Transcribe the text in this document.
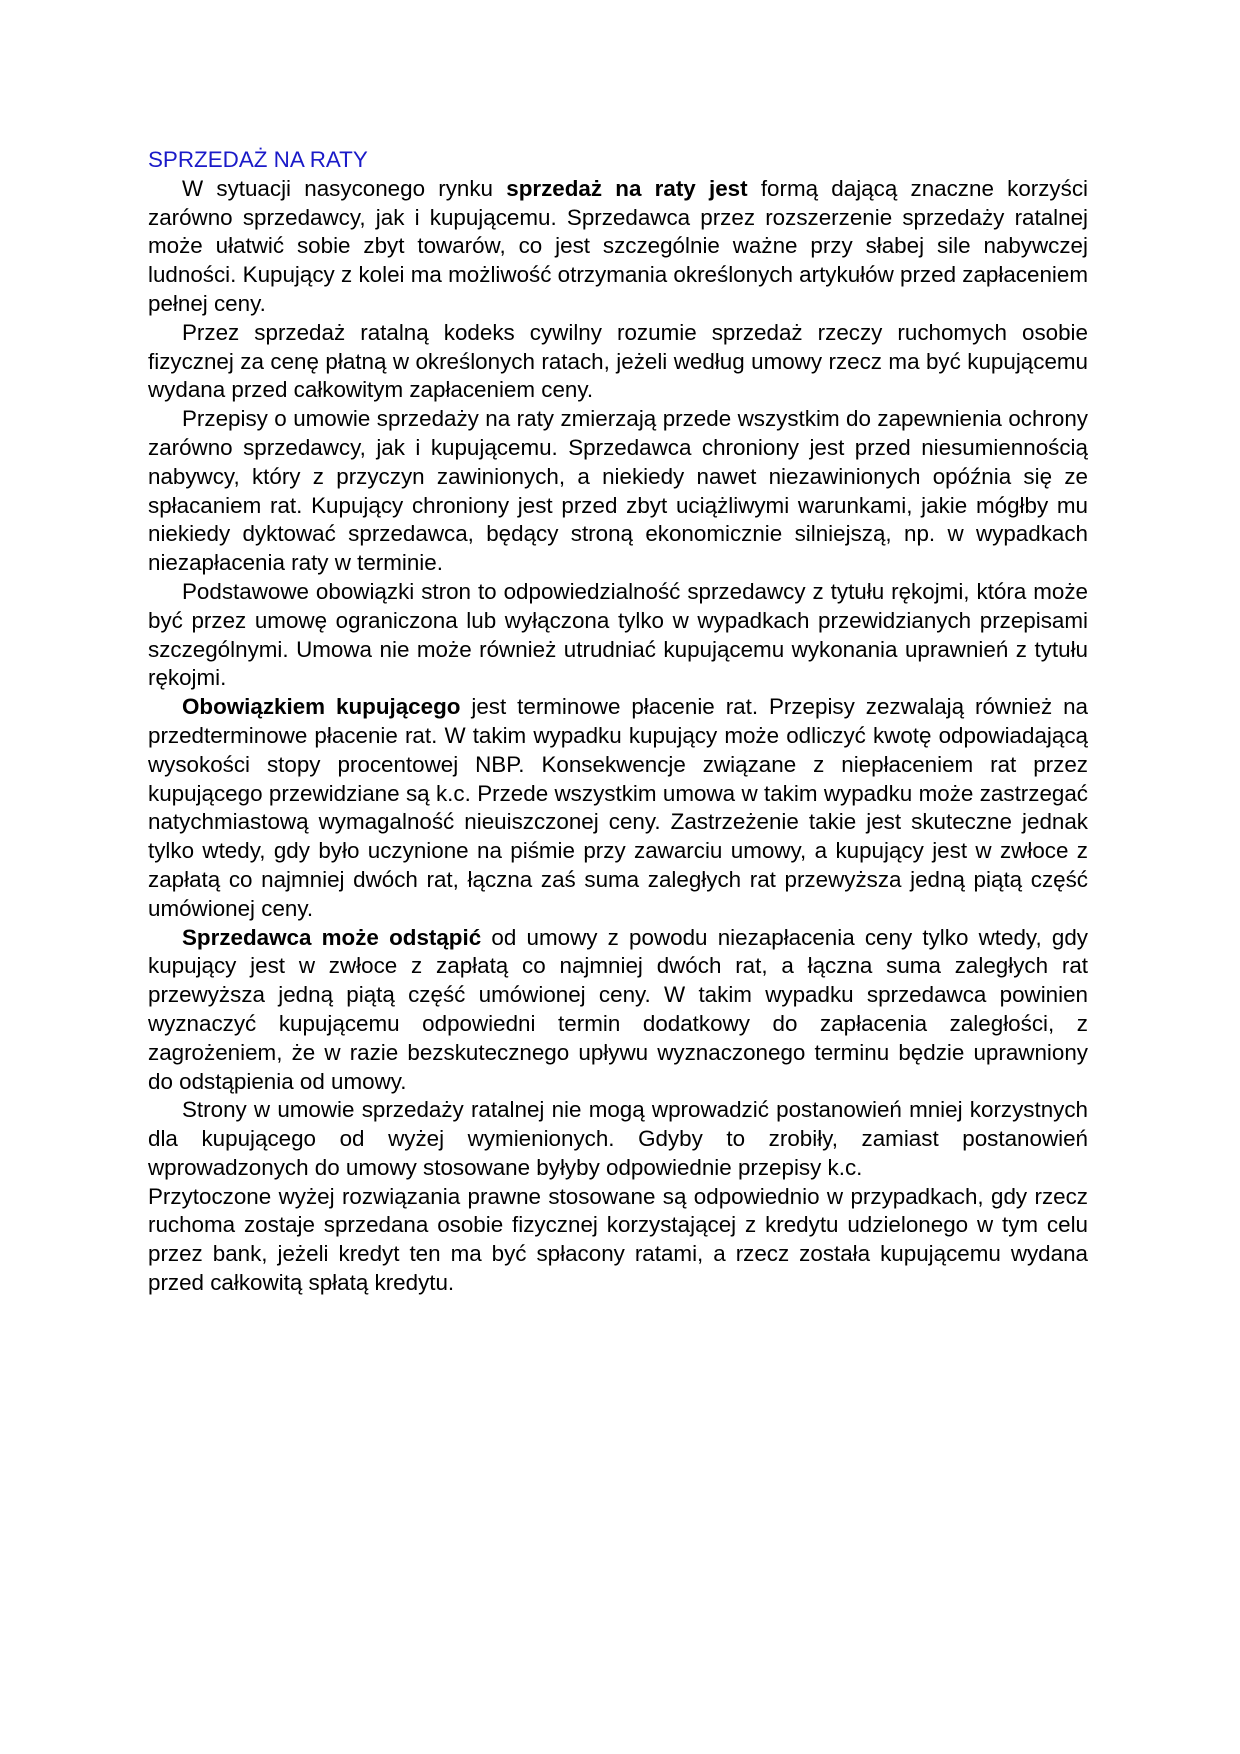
SPRZEDAŻ NA RATY

W sytuacji nasyconego rynku sprzedaż na raty jest formą dającą znaczne korzyści zarówno sprzedawcy, jak i kupującemu. Sprzedawca przez rozszerzenie sprzedaży ratalnej może ułatwić sobie zbyt towarów, co jest szczególnie ważne przy słabej sile nabywczej ludności. Kupujący z kolei ma możliwość otrzymania określonych artykułów przed zapłaceniem pełnej ceny.

Przez sprzedaż ratalną kodeks cywilny rozumie sprzedaż rzeczy ruchomych osobie fizycznej za cenę płatną w określonych ratach, jeżeli według umowy rzecz ma być kupującemu wydana przed całkowitym zapłaceniem ceny.

Przepisy o umowie sprzedaży na raty zmierzają przede wszystkim do zapewnienia ochrony zarówno sprzedawcy, jak i kupującemu. Sprzedawca chroniony jest przed niesumiennością nabywcy, który z przyczyn zawinionych, a niekiedy nawet niezawinionych opóźnia się ze spłacaniem rat. Kupujący chroniony jest przed zbyt uciążliwymi warunkami, jakie mógłby mu niekiedy dyktować sprzedawca, będący stroną ekonomicznie silniejszą, np. w wypadkach niezapłacenia raty w terminie.

Podstawowe obowiązki stron to odpowiedzialność sprzedawcy z tytułu rękojmi, która może być przez umowę ograniczona lub wyłączona tylko w wypadkach przewidzianych przepisami szczególnymi. Umowa nie może również utrudniać kupującemu wykonania uprawnień z tytułu rękojmi.

Obowiązkiem kupującego jest terminowe płacenie rat. Przepisy zezwalają również na przedterminowe płacenie rat. W takim wypadku kupujący może odliczyć kwotę odpowiadającą wysokości stopy procentowej NBP. Konsekwencje związane z niepłaceniem rat przez kupującego przewidziane są k.c. Przede wszystkim umowa w takim wypadku może zastrzegać natychmiastową wymagalność nieuiszczonej ceny. Zastrzeżenie takie jest skuteczne jednak tylko wtedy, gdy było uczynione na piśmie przy zawarciu umowy, a kupujący jest w zwłoce z zapłatą co najmniej dwóch rat, łączna zaś suma zaległych rat przewyższa jedną piątą część umówionej ceny.

Sprzedawca może odstąpić od umowy z powodu niezapłacenia ceny tylko wtedy, gdy kupujący jest w zwłoce z zapłatą co najmniej dwóch rat, a łączna suma zaległych rat przewyższa jedną piątą część umówionej ceny. W takim wypadku sprzedawca powinien wyznaczyć kupującemu odpowiedni termin dodatkowy do zapłacenia zaległości, z zagrożeniem, że w razie bezskutecznego upływu wyznaczonego terminu będzie uprawniony do odstąpienia od umowy.

Strony w umowie sprzedaży ratalnej nie mogą wprowadzić postanowień mniej korzystnych dla kupującego od wyżej wymienionych. Gdyby to zrobiły, zamiast postanowień wprowadzonych do umowy stosowane byłyby odpowiednie przepisy k.c.

Przytoczone wyżej rozwiązania prawne stosowane są odpowiednio w przypadkach, gdy rzecz ruchoma zostaje sprzedana osobie fizycznej korzystającej z kredytu udzielonego w tym celu przez bank, jeżeli kredyt ten ma być spłacony ratami, a rzecz została kupującemu wydana przed całkowitą spłatą kredytu.
